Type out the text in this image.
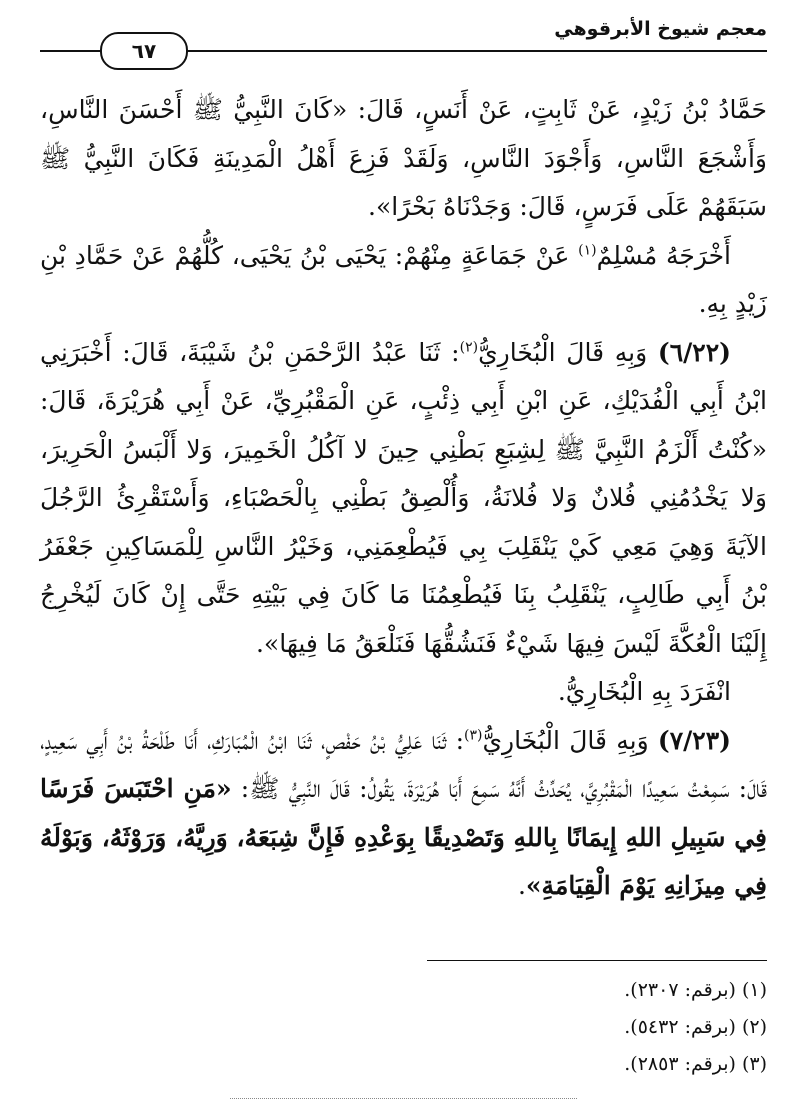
معجم شيوخ الأبرقوهي
٦٧

حَمَّادُ بْنُ زَيْدٍ، عَنْ ثَابِتٍ، عَنْ أَنَسٍ، قَالَ: «كَانَ النَّبِيُّ ﷺ أَحْسَنَ النَّاسِ، وَأَشْجَعَ النَّاسِ، وَأَجْوَدَ النَّاسِ، وَلَقَدْ فَزِعَ أَهْلُ الْمَدِينَةِ فَكَانَ النَّبِيُّ ﷺ سَبَقَهُمْ عَلَى فَرَسٍ، قَالَ: وَجَدْنَاهُ بَحْرًا».

أَخْرَجَهُ مُسْلِمٌ$^{(١)}$ عَنْ جَمَاعَةٍ مِنْهُمْ: يَحْيَى بْنُ يَحْيَى، كُلُّهُمْ عَنْ حَمَّادِ بْنِ زَيْدٍ بِهِ.

(٦/٢٢) وَبِهِ قَالَ الْبُخَارِيُّ$^{(٢)}$: ثَنَا عَبْدُ الرَّحْمَنِ بْنُ شَيْبَةَ، قَالَ: أَخْبَرَنِي ابْنُ أَبِي الْفُدَيْكِ، عَنِ ابْنِ أَبِي ذِئْبٍ، عَنِ الْمَقْبُرِيِّ، عَنْ أَبِي هُرَيْرَةَ، قَالَ: «كُنْتُ أَلْزَمُ النَّبِيَّ ﷺ لِشِبَعِ بَطْنِي حِينَ لا آكُلُ الْخَمِيرَ، وَلا أَلْبَسُ الْحَرِيرَ، وَلا يَخْدُمُنِي فُلانٌ وَلا فُلانَةُ، وَأُلْصِقُ بَطْنِي بِالْحَصْبَاءِ، وَأَسْتَقْرِئُ الرَّجُلَ الآيَةَ وَهِيَ مَعِي كَيْ يَنْقَلِبَ بِي فَيُطْعِمَنِي، وَخَيْرُ النَّاسِ لِلْمَسَاكِينِ جَعْفَرُ بْنُ أَبِي طَالِبٍ، يَنْقَلِبُ بِنَا فَيُطْعِمُنَا مَا كَانَ فِي بَيْتِهِ حَتَّى إِنْ كَانَ لَيُخْرِجُ إِلَيْنَا الْعُكَّةَ لَيْسَ فِيهَا شَيْءٌ فَنَشُقُّهَا فَنَلْعَقُ مَا فِيهَا».

انْفَرَدَ بِهِ الْبُخَارِيُّ.

(٧/٢٣) وَبِهِ قَالَ الْبُخَارِيُّ$^{(٣)}$: ثَنَا عَلِيُّ بْنُ حَفْصٍ، ثَنَا ابْنُ الْمُبَارَكِ، أَنَا طَلْحَةُ بْنُ أَبِي سَعِيدٍ، قَالَ: سَمِعْتُ سَعِيدًا الْمَقْبُرِيَّ، يُحَدِّثُ أَنَّهُ سَمِعَ أَبَا هُرَيْرَةَ، يَقُولُ: قَالَ النَّبِيُّ ﷺ: «مَنِ احْتَبَسَ فَرَسًا فِي سَبِيلِ اللهِ إِيمَانًا بِاللهِ وَتَصْدِيقًا بِوَعْدِهِ فَإِنَّ شِبَعَهُ، وَرِيَّهُ، وَرَوْثَهُ، وَبَوْلَهُ فِي مِيزَانِهِ يَوْمَ الْقِيَامَةِ».

(١) (برقم: ٢٣٠٧).
(٢) (برقم: ٥٤٣٢).
(٣) (برقم: ٢٨٥٣).
